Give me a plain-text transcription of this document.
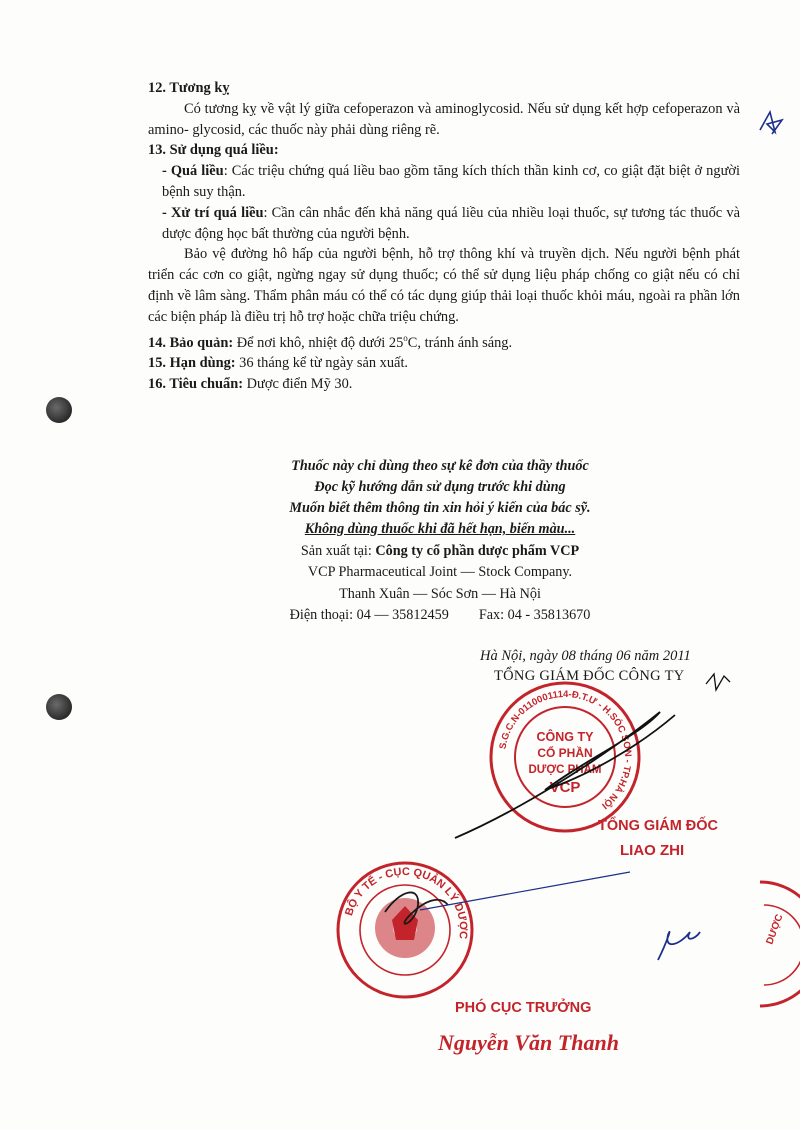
12. Tương kỵ

Có tương kỵ về vật lý giữa cefoperazon và aminoglycosid. Nếu sử dụng kết hợp cefoperazon và amino- glycosid, các thuốc này phải dùng riêng rẽ.

13. Sử dụng quá liều:

- Quá liều: Các triệu chứng quá liều bao gồm tăng kích thích thần kinh cơ, co giật đặt biệt ở người bệnh suy thận.

- Xử trí quá liều: Cần cân nhắc đến khả năng quá liều của nhiều loại thuốc, sự tương tác thuốc và dược động học bất thường của người bệnh.

Bảo vệ đường hô hấp của người bệnh, hỗ trợ thông khí và truyền dịch. Nếu người bệnh phát triển các cơn co giật, ngừng ngay sử dụng thuốc; có thể sử dụng liệu pháp chống co giật nếu có chỉ định về lâm sàng. Thẩm phân máu có thể có tác dụng giúp thải loại thuốc khỏi máu, ngoài ra phần lớn các biện pháp là điều trị hỗ trợ hoặc chữa triệu chứng.

14. Bảo quản: Để nơi khô, nhiệt độ dưới 25$^o$C, tránh ánh sáng.

15. Hạn dùng: 36 tháng kể từ ngày sản xuất.

16. Tiêu chuẩn: Dược điển Mỹ 30.

Thuốc này chỉ dùng theo sự kê đơn của thầy thuốc
Đọc kỹ hướng dẫn sử dụng trước khi dùng
Muốn biết thêm thông tin xin hỏi ý kiến của bác sỹ.
Không dùng thuốc khi đã hết hạn, biến màu...
Sản xuất tại: Công ty cổ phần dược phẩm VCP
VCP Pharmaceutical Joint — Stock Company.
Thanh Xuân — Sóc Sơn — Hà Nội
Điện thoại: 04 — 35812459 Fax: 04 - 35813670
Hà Nội, ngày 08 tháng 06 năm 2011
TỔNG GIÁM ĐỐC CÔNG TY
TỔNG GIÁM ĐỐC
LIAO ZHI
PHÓ CỤC TRƯỞNG
Nguyễn Văn Thanh
CÔNG TY
CỔ PHẦN
DƯỢC PHẨM
VCP
S.G.C.N-0110001114-Đ.T.Ư - H.SÓC SƠN - TP.HÀ NỘI
BỘ Y TẾ - CỤC QUẢN LÝ DƯỢC	DƯỢC
